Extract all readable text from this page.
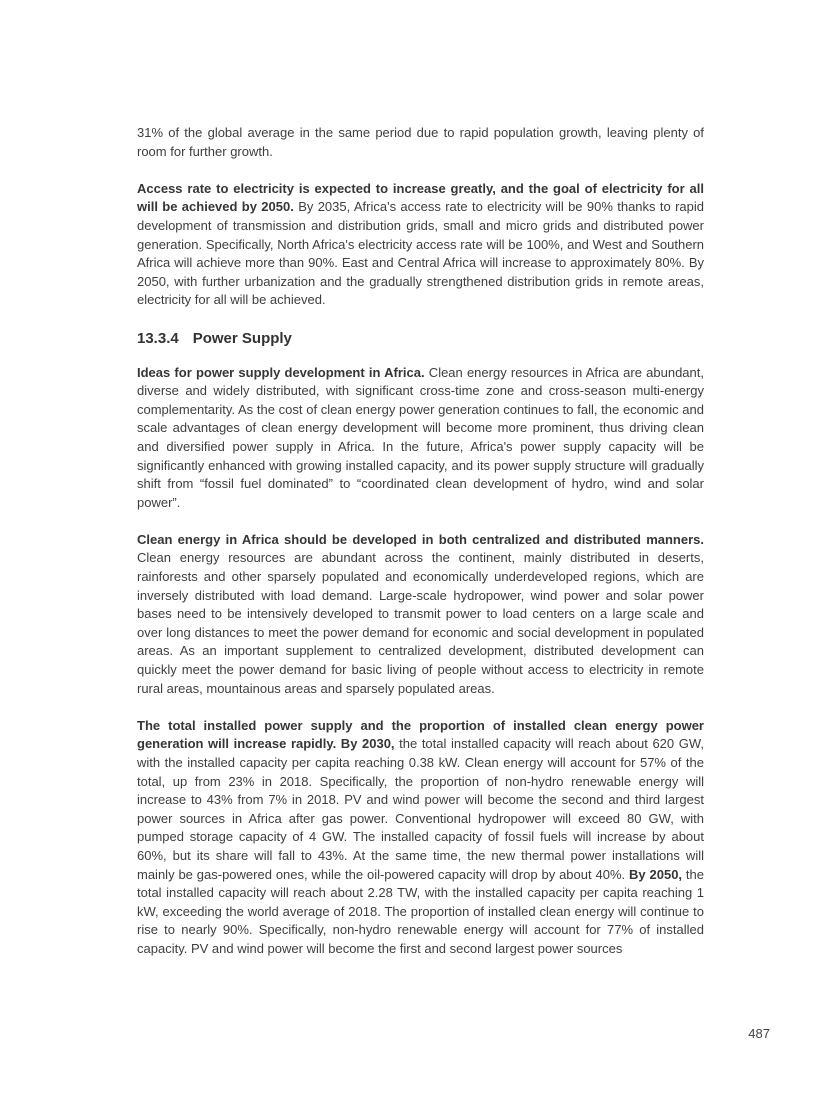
31% of the global average in the same period due to rapid population growth, leaving plenty of room for further growth.

Access rate to electricity is expected to increase greatly, and the goal of electricity for all will be achieved by 2050. By 2035, Africa's access rate to electricity will be 90% thanks to rapid development of transmission and distribution grids, small and micro grids and distributed power generation. Specifically, North Africa's electricity access rate will be 100%, and West and Southern Africa will achieve more than 90%. East and Central Africa will increase to approximately 80%. By 2050, with further urbanization and the gradually strengthened distribution grids in remote areas, electricity for all will be achieved.

13.3.4 Power Supply

Ideas for power supply development in Africa. Clean energy resources in Africa are abundant, diverse and widely distributed, with significant cross-time zone and cross-season multi-energy complementarity. As the cost of clean energy power generation continues to fall, the economic and scale advantages of clean energy development will become more prominent, thus driving clean and diversified power supply in Africa. In the future, Africa's power supply capacity will be significantly enhanced with growing installed capacity, and its power supply structure will gradually shift from “fossil fuel dominated” to “coordinated clean development of hydro, wind and solar power”.

Clean energy in Africa should be developed in both centralized and distributed manners. Clean energy resources are abundant across the continent, mainly distributed in deserts, rainforests and other sparsely populated and economically underdeveloped regions, which are inversely distributed with load demand. Large-scale hydropower, wind power and solar power bases need to be intensively developed to transmit power to load centers on a large scale and over long distances to meet the power demand for economic and social development in populated areas. As an important supplement to centralized development, distributed development can quickly meet the power demand for basic living of people without access to electricity in remote rural areas, mountainous areas and sparsely populated areas.

The total installed power supply and the proportion of installed clean energy power generation will increase rapidly. By 2030, the total installed capacity will reach about 620 GW, with the installed capacity per capita reaching 0.38 kW. Clean energy will account for 57% of the total, up from 23% in 2018. Specifically, the proportion of non-hydro renewable energy will increase to 43% from 7% in 2018. PV and wind power will become the second and third largest power sources in Africa after gas power. Conventional hydropower will exceed 80 GW, with pumped storage capacity of 4 GW. The installed capacity of fossil fuels will increase by about 60%, but its share will fall to 43%. At the same time, the new thermal power installations will mainly be gas-powered ones, while the oil-powered capacity will drop by about 40%. By 2050, the total installed capacity will reach about 2.28 TW, with the installed capacity per capita reaching 1 kW, exceeding the world average of 2018. The proportion of installed clean energy will continue to rise to nearly 90%. Specifically, non-hydro renewable energy will account for 77% of installed capacity. PV and wind power will become the first and second largest power sources

487
